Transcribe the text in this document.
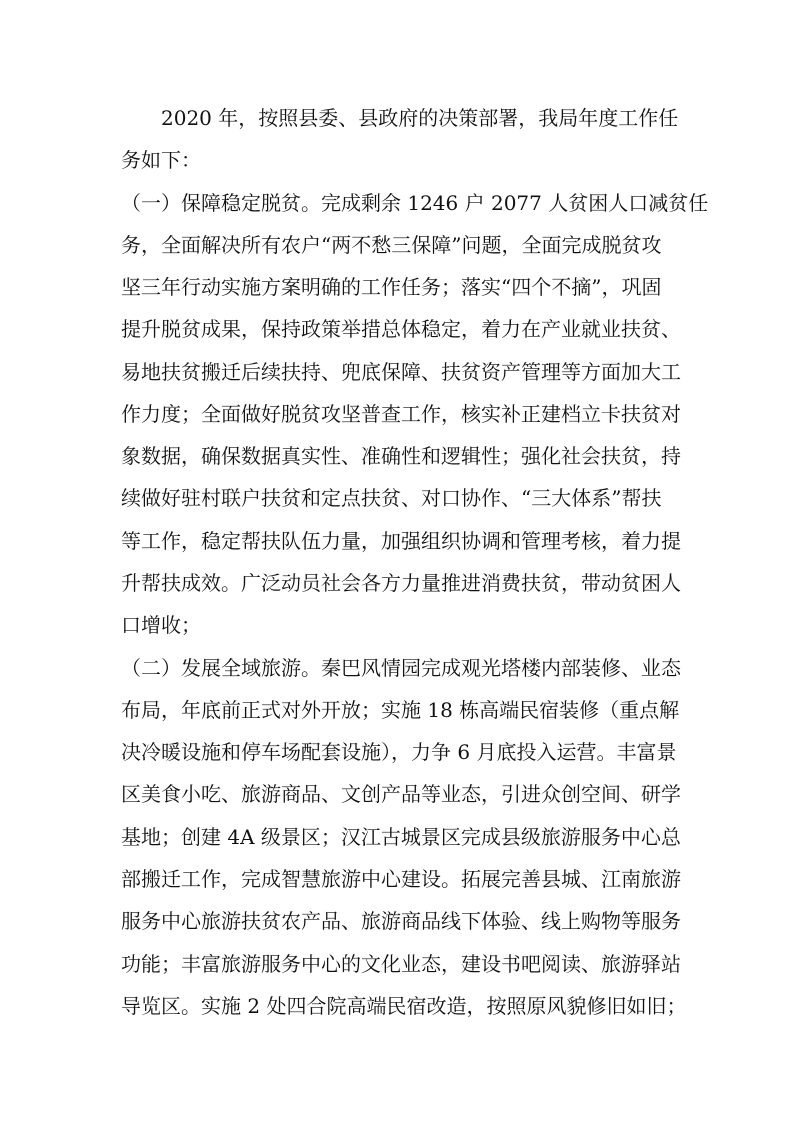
2020 年，按照县委、县政府的决策部署，我局年度工作任
务如下：
（一）保障稳定脱贫。完成剩余 1246 户 2077 人贫困人口减贫任
务，全面解决所有农户“两不愁三保障”问题，全面完成脱贫攻
坚三年行动实施方案明确的工作任务；落实“四个不摘”，巩固
提升脱贫成果，保持政策举措总体稳定，着力在产业就业扶贫、
易地扶贫搬迁后续扶持、兜底保障、扶贫资产管理等方面加大工
作力度；全面做好脱贫攻坚普查工作，核实补正建档立卡扶贫对
象数据，确保数据真实性、准确性和逻辑性；强化社会扶贫，持
续做好驻村联户扶贫和定点扶贫、对口协作、“三大体系”帮扶
等工作，稳定帮扶队伍力量，加强组织协调和管理考核，着力提
升帮扶成效。广泛动员社会各方力量推进消费扶贫，带动贫困人
口增收；
（二）发展全域旅游。秦巴风情园完成观光塔楼内部装修、业态
布局，年底前正式对外开放；实施 18 栋高端民宿装修（重点解
决冷暖设施和停车场配套设施），力争 6 月底投入运营。丰富景
区美食小吃、旅游商品、文创产品等业态，引进众创空间、研学
基地；创建 4A 级景区；汉江古城景区完成县级旅游服务中心总
部搬迁工作，完成智慧旅游中心建设。拓展完善县城、江南旅游
服务中心旅游扶贫农产品、旅游商品线下体验、线上购物等服务
功能；丰富旅游服务中心的文化业态，建设书吧阅读、旅游驿站
导览区。实施 2 处四合院高端民宿改造，按照原风貌修旧如旧；
